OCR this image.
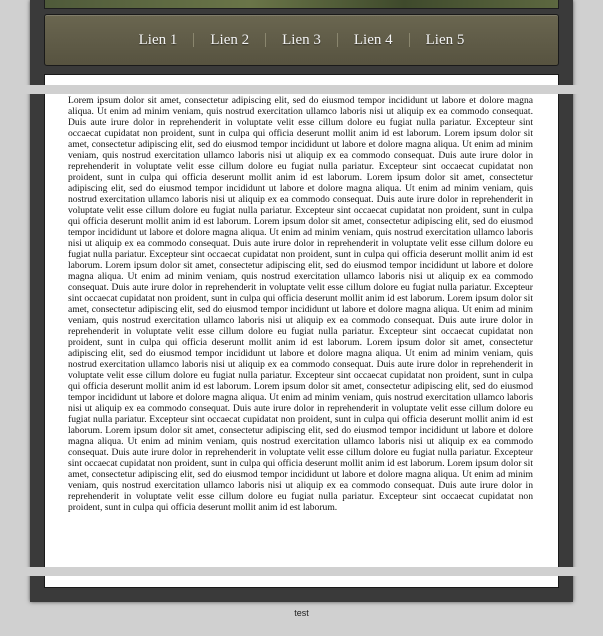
Lien 1	Lien 2	Lien 3	Lien 4	Lien 5
Lorem ipsum dolor sit amet, consectetur adipiscing elit, sed do eiusmod tempor incididunt ut labore et dolore magna aliqua. Ut enim ad minim veniam, quis nostrud exercitation ullamco laboris nisi ut aliquip ex ea commodo consequat. Duis aute irure dolor in reprehenderit in voluptate velit esse cillum dolore eu fugiat nulla pariatur. Excepteur sint occaecat cupidatat non proident, sunt in culpa qui officia deserunt mollit anim id est laborum. Lorem ipsum dolor sit amet, consectetur adipiscing elit, sed do eiusmod tempor incididunt ut labore et dolore magna aliqua. Ut enim ad minim veniam, quis nostrud exercitation ullamco laboris nisi ut aliquip ex ea commodo consequat. Duis aute irure dolor in reprehenderit in voluptate velit esse cillum dolore eu fugiat nulla pariatur. Excepteur sint occaecat cupidatat non proident, sunt in culpa qui officia deserunt mollit anim id est laborum. Lorem ipsum dolor sit amet, consectetur adipiscing elit, sed do eiusmod tempor incididunt ut labore et dolore magna aliqua. Ut enim ad minim veniam, quis nostrud exercitation ullamco laboris nisi ut aliquip ex ea commodo consequat. Duis aute irure dolor in reprehenderit in voluptate velit esse cillum dolore eu fugiat nulla pariatur. Excepteur sint occaecat cupidatat non proident, sunt in culpa qui officia deserunt mollit anim id est laborum. Lorem ipsum dolor sit amet, consectetur adipiscing elit, sed do eiusmod tempor incididunt ut labore et dolore magna aliqua. Ut enim ad minim veniam, quis nostrud exercitation ullamco laboris nisi ut aliquip ex ea commodo consequat. Duis aute irure dolor in reprehenderit in voluptate velit esse cillum dolore eu fugiat nulla pariatur. Excepteur sint occaecat cupidatat non proident, sunt in culpa qui officia deserunt mollit anim id est laborum. Lorem ipsum dolor sit amet, consectetur adipiscing elit, sed do eiusmod tempor incididunt ut labore et dolore magna aliqua. Ut enim ad minim veniam, quis nostrud exercitation ullamco laboris nisi ut aliquip ex ea commodo consequat. Duis aute irure dolor in reprehenderit in voluptate velit esse cillum dolore eu fugiat nulla pariatur. Excepteur sint occaecat cupidatat non proident, sunt in culpa qui officia deserunt mollit anim id est laborum. Lorem ipsum dolor sit amet, consectetur adipiscing elit, sed do eiusmod tempor incididunt ut labore et dolore magna aliqua. Ut enim ad minim veniam, quis nostrud exercitation ullamco laboris nisi ut aliquip ex ea commodo consequat. Duis aute irure dolor in reprehenderit in voluptate velit esse cillum dolore eu fugiat nulla pariatur. Excepteur sint occaecat cupidatat non proident, sunt in culpa qui officia deserunt mollit anim id est laborum. Lorem ipsum dolor sit amet, consectetur adipiscing elit, sed do eiusmod tempor incididunt ut labore et dolore magna aliqua. Ut enim ad minim veniam, quis nostrud exercitation ullamco laboris nisi ut aliquip ex ea commodo consequat. Duis aute irure dolor in reprehenderit in voluptate velit esse cillum dolore eu fugiat nulla pariatur. Excepteur sint occaecat cupidatat non proident, sunt in culpa qui officia deserunt mollit anim id est laborum. Lorem ipsum dolor sit amet, consectetur adipiscing elit, sed do eiusmod tempor incididunt ut labore et dolore magna aliqua. Ut enim ad minim veniam, quis nostrud exercitation ullamco laboris nisi ut aliquip ex ea commodo consequat. Duis aute irure dolor in reprehenderit in voluptate velit esse cillum dolore eu fugiat nulla pariatur. Excepteur sint occaecat cupidatat non proident, sunt in culpa qui officia deserunt mollit anim id est laborum. Lorem ipsum dolor sit amet, consectetur adipiscing elit, sed do eiusmod tempor incididunt ut labore et dolore magna aliqua. Ut enim ad minim veniam, quis nostrud exercitation ullamco laboris nisi ut aliquip ex ea commodo consequat. Duis aute irure dolor in reprehenderit in voluptate velit esse cillum dolore eu fugiat nulla pariatur. Excepteur sint occaecat cupidatat non proident, sunt in culpa qui officia deserunt mollit anim id est laborum. Lorem ipsum dolor sit amet, consectetur adipiscing elit, sed do eiusmod tempor incididunt ut labore et dolore magna aliqua. Ut enim ad minim veniam, quis nostrud exercitation ullamco laboris nisi ut aliquip ex ea commodo consequat. Duis aute irure dolor in reprehenderit in voluptate velit esse cillum dolore eu fugiat nulla pariatur. Excepteur sint occaecat cupidatat non proident, sunt in culpa qui officia deserunt mollit anim id est laborum.
test
